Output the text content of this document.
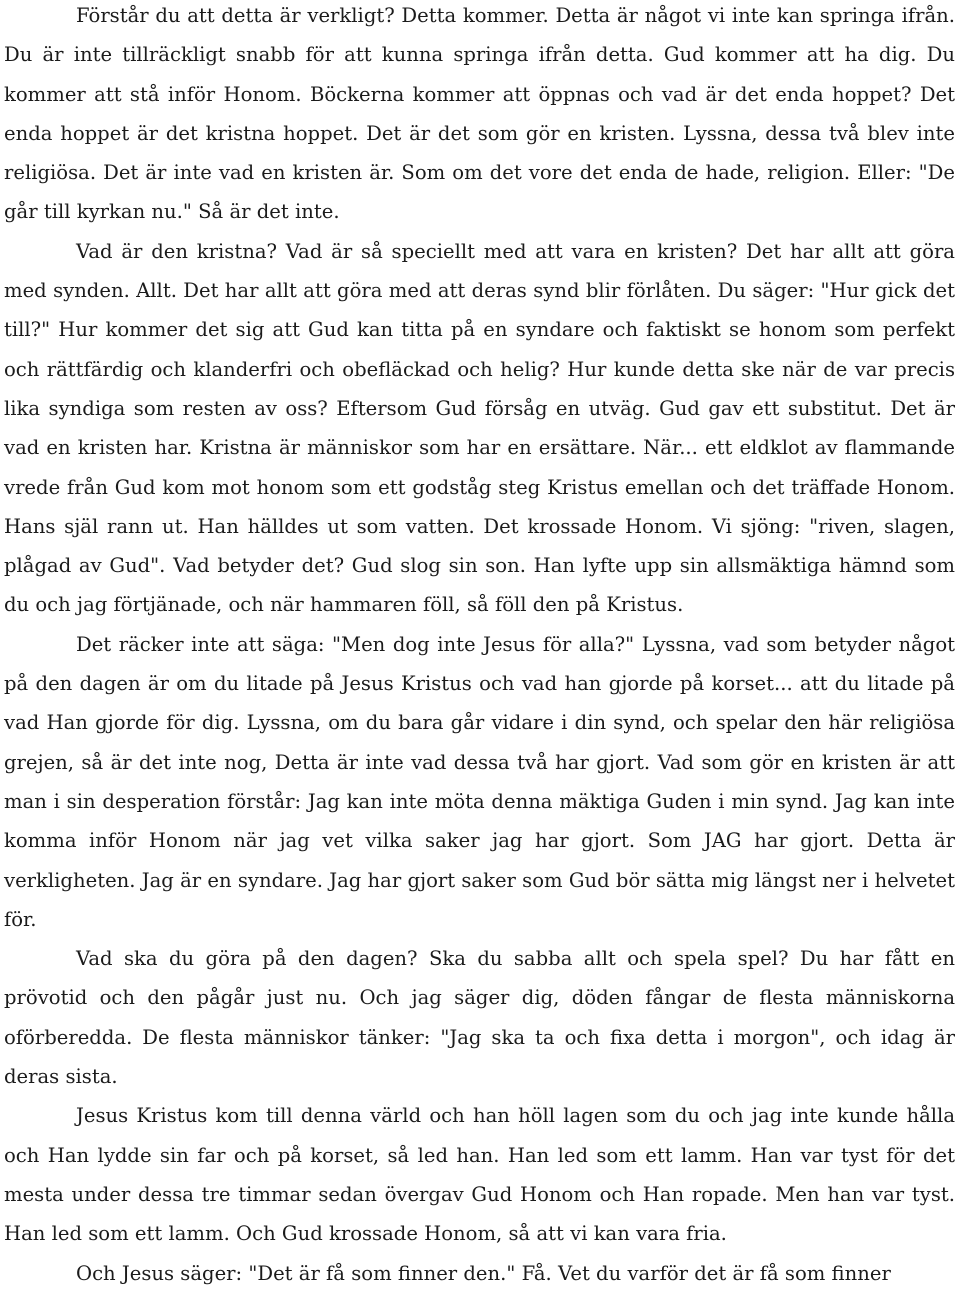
Förstår du att detta är verkligt? Detta kommer. Detta är något vi inte kan springa ifrån. Du är inte tillräckligt snabb för att kunna springa ifrån detta. Gud kommer att ha dig. Du kommer att stå inför Honom. Böckerna kommer att öppnas och vad är det enda hoppet? Det enda hoppet är det kristna hoppet. Det är det som gör en kristen. Lyssna, dessa två blev inte religiösa. Det är inte vad en kristen är. Som om det vore det enda de hade, religion. Eller: "De går till kyrkan nu." Så är det inte.

Vad är den kristna? Vad är så speciellt med att vara en kristen? Det har allt att göra med synden. Allt. Det har allt att göra med att deras synd blir förlåten. Du säger: "Hur gick det till?" Hur kommer det sig att Gud kan titta på en syndare och faktiskt se honom som perfekt och rättfärdig och klanderfri och obefläckad och helig? Hur kunde detta ske när de var precis lika syndiga som resten av oss? Eftersom Gud försåg en utväg. Gud gav ett substitut. Det är vad en kristen har. Kristna är människor som har en ersättare. När... ett eldklot av flammande vrede från Gud kom mot honom som ett godståg steg Kristus emellan och det träffade Honom. Hans själ rann ut. Han hälldes ut som vatten. Det krossade Honom. Vi sjöng: "riven, slagen, plågad av Gud". Vad betyder det? Gud slog sin son. Han lyfte upp sin allsmäktiga hämnd som du och jag förtjänade, och när hammaren föll, så föll den på Kristus.

Det räcker inte att säga: "Men dog inte Jesus för alla?" Lyssna, vad som betyder något på den dagen är om du litade på Jesus Kristus och vad han gjorde på korset... att du litade på vad Han gjorde för dig. Lyssna, om du bara går vidare i din synd, och spelar den här religiösa grejen, så är det inte nog, Detta är inte vad dessa två har gjort. Vad som gör en kristen är att man i sin desperation förstår: Jag kan inte möta denna mäktiga Guden i min synd. Jag kan inte komma inför Honom när jag vet vilka saker jag har gjort. Som JAG har gjort. Detta är verkligheten. Jag är en syndare. Jag har gjort saker som Gud bör sätta mig längst ner i helvetet för.

Vad ska du göra på den dagen? Ska du sabba allt och spela spel? Du har fått en prövotid och den pågår just nu. Och jag säger dig, döden fångar de flesta människorna oförberedda. De flesta människor tänker: "Jag ska ta och fixa detta i morgon", och idag är deras sista.

Jesus Kristus kom till denna värld och han höll lagen som du och jag inte kunde hålla och Han lydde sin far och på korset, så led han. Han led som ett lamm. Han var tyst för det mesta under dessa tre timmar sedan övergav Gud Honom och Han ropade. Men han var tyst. Han led som ett lamm. Och Gud krossade Honom, så att vi kan vara fria.

Och Jesus säger: "Det är få som finner den." Få. Vet du varför det är få som finner
